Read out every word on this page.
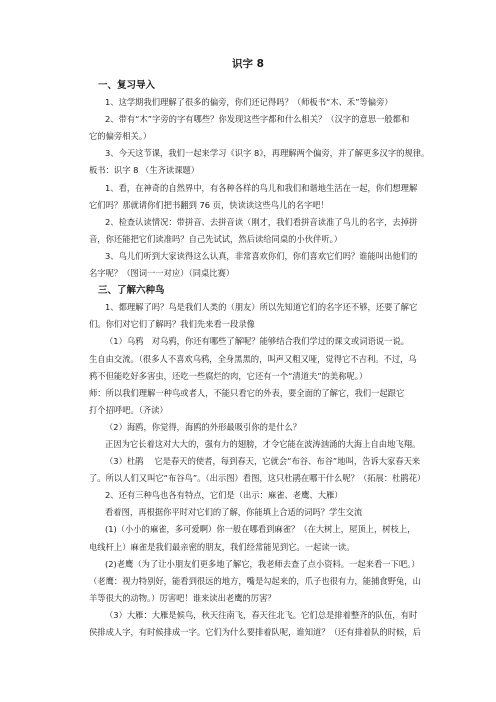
识字 8
一、复习导入
1、这学期我们理解了很多的偏旁，你们还记得吗？（师板书“木、禾”等偏旁）
2、带有“木”字旁的字有哪些？你发现这些字都和什么相关？（汉字的意思一般都和
它的偏旁相关。）
3、今天这节课，我们一起来学习《识字 8》，再理解两个偏旁，并了解更多汉字的规律。
板书：识字 8 （生齐读课题）
1、看，在神奇的自然界中，有各种各样的鸟儿和我们和谐地生活在一起，你们想理解
它们吗？那就请你们把书翻到 76 页，快读读这些鸟儿的名字吧！
2、检查认读情况：带拼音、去拼音读（刚才，我们看拼音读准了鸟儿的名字，去掉拼
音，你还能把它们读准吗？自己先试试，然后读给同桌的小伙伴听。）
3、鸟儿们听到大家读得这么认真，非常喜欢你们，你们喜欢它们吗？谁能叫出他们的
名字呢？（图词一一对应）（同桌比赛）
三、了解六种鸟
1、都理解了吗？鸟是我们人类的（朋友）所以先知道它们的名字还不够，还要了解它
们。你们对它们了解吗？我们先来看一段录像
（1）乌鸦　对乌鸦，你还有哪些了解呢？能够结合我们学过的课文或词语说一说。
生自由交流。（很多人不喜欢乌鸦，全身黑黑的，叫声又粗又哑，觉得它不吉利。不过，乌
鸦不但能吃好多害虫，还吃一些腐烂的肉，它还有一个“清道夫”的美称呢。）
师：所以我们理解一种鸟或者人，不能只看它的外表，要全面的了解它，我们一起跟它
打个招呼吧。（齐读）
（2）海鸥，你觉得，海鸥的外形最吸引你的是什么？
正因为它长着这对大大的，强有力的翅膀，才令它能在波涛汹涌的大海上自由地飞翔。
（3）杜鹃　 它是春天的使者，每到春天，它就会“布谷、布谷”地叫，告诉大家春天来
了。所以人们又叫它“布谷鸟”。（出示图）看图，这只杜鹃在哪干什么呢？（拓展：杜鹃花）
2、还有三种鸟也各有特点，它们是（出示：麻雀、老鹰、大雁）
看着图，再根据你平时对它们的了解，你能填上合适的词吗？学生交流
(1)（小小的麻雀，多可爱啊）你一般在哪看到麻雀？（在大树上，屋顶上，树枝上，
电线杆上）麻雀是我们最亲密的朋友，我们经常能见到它。一起读一读。
(2)老鹰（为了让小朋友们更多地了解它，我老师去查了点小资料。一起来看一下吧。）
（老鹰：视力特别好，能看到很远的地方，嘴是勾起来的，爪子也很有力，能捕食野兔，山
羊等很大的动物。）厉害吧！谁来读出老鹰的厉害？
（3）大雁：大雁是候鸟，秋天往南飞，春天往北飞。它们总是排着整齐的队伍，有时
侯排成人字，有时候排成一字。它们为什么要排着队呢，谁知道？（还有排着队的时候，后
